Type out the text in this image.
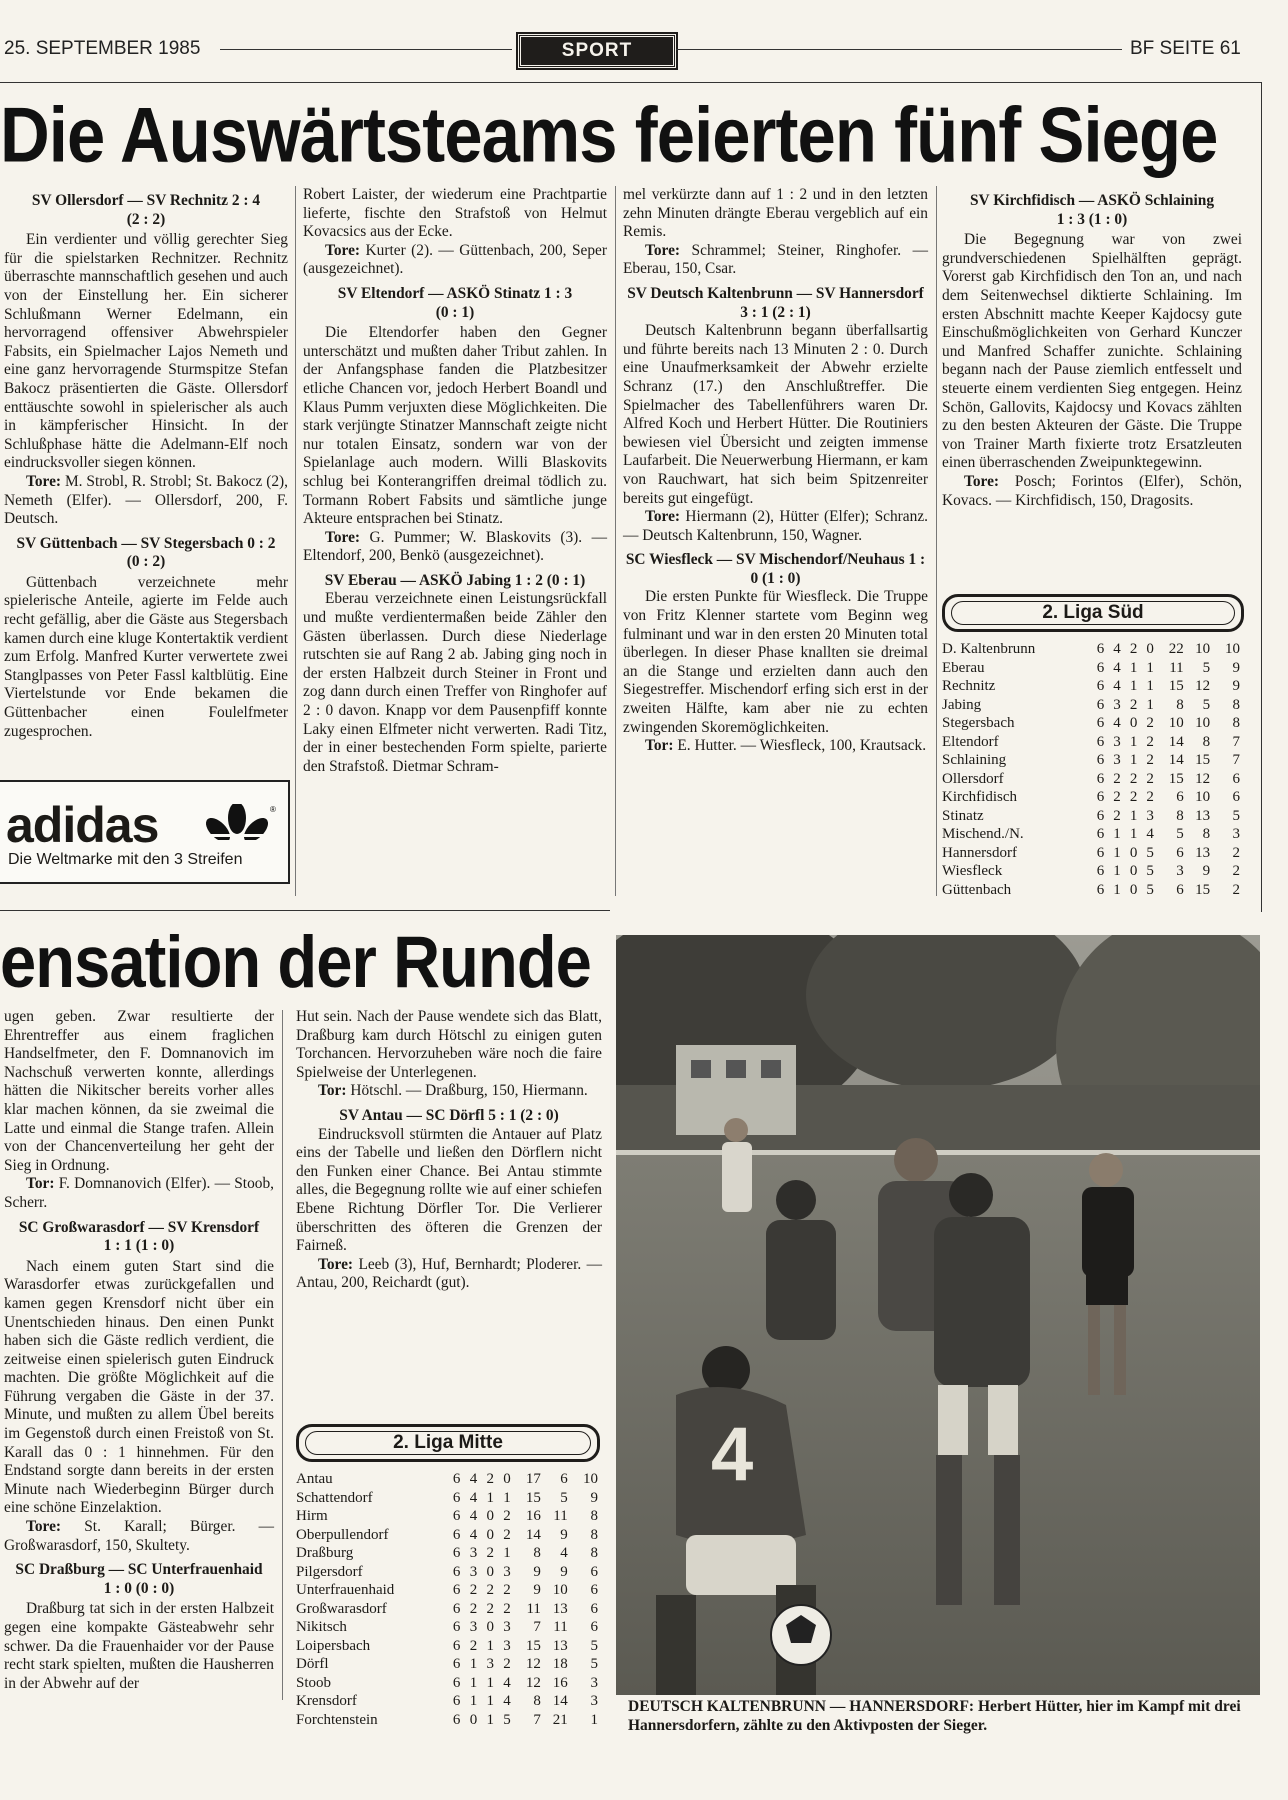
25. SEPTEMBER 1985	SPORT	BF SEITE 61
Die Auswärtsteams feierten fünf Siege

SV Ollersdorf — SV Rechnitz 2 : 4

(2 : 2)

Ein verdienter und völlig gerechter Sieg für die spielstarken Rechnitzer. Rechnitz überraschte mannschaftlich gesehen und auch von der Einstellung her. Ein sicherer Schlußmann Werner Edelmann, ein hervorragend offensiver Abwehrspieler Fabsits, ein Spielmacher Lajos Nemeth und eine ganz hervorragende Sturmspitze Stefan Bakocz präsentierten die Gäste. Ollersdorf enttäuschte sowohl in spielerischer als auch in kämpferischer Hinsicht. In der Schlußphase hätte die Adelmann-Elf noch eindrucksvoller siegen können.

Tore: M. Strobl, R. Strobl; St. Bakocz (2), Nemeth (Elfer). — Ollersdorf, 200, F. Deutsch.

SV Güttenbach — SV Stegersbach 0 : 2

(0 : 2)

Güttenbach verzeichnete mehr spielerische Anteile, agierte im Felde auch recht gefällig, aber die Gäste aus Stegersbach kamen durch eine kluge Kontertaktik verdient zum Erfolg. Manfred Kurter verwertete zwei Stanglpasses von Peter Fassl kaltblütig. Eine Viertelstunde vor Ende bekamen die Güttenbacher einen Foulelfmeter zugesprochen.

Robert Laister, der wiederum eine Prachtpartie lieferte, fischte den Strafstoß von Helmut Kovacsics aus der Ecke.

Tore: Kurter (2). — Güttenbach, 200, Seper (ausgezeichnet).

SV Eltendorf — ASKÖ Stinatz 1 : 3

(0 : 1)

Die Eltendorfer haben den Gegner unterschätzt und mußten daher Tribut zahlen. In der Anfangsphase fanden die Platzbesitzer etliche Chancen vor, jedoch Herbert Boandl und Klaus Pumm verjuxten diese Möglichkeiten. Die stark verjüngte Stinatzer Mannschaft zeigte nicht nur totalen Einsatz, sondern war von der Spielanlage auch modern. Willi Blaskovits schlug bei Konterangriffen dreimal tödlich zu. Tormann Robert Fabsits und sämtliche junge Akteure entsprachen bei Stinatz.

Tore: G. Pummer; W. Blaskovits (3). — Eltendorf, 200, Benkö (ausgezeichnet).

SV Eberau — ASKÖ Jabing 1 : 2 (0 : 1)

Eberau verzeichnete einen Leistungsrückfall und mußte verdientermaßen beide Zähler den Gästen überlassen. Durch diese Niederlage rutschten sie auf Rang 2 ab. Jabing ging noch in der ersten Halbzeit durch Steiner in Front und zog dann durch einen Treffer von Ringhofer auf 2 : 0 davon. Knapp vor dem Pausenpfiff konnte Laky einen Elfmeter nicht verwerten. Radi Titz, der in einer bestechenden Form spielte, parierte den Strafstoß. Dietmar Schram-

mel verkürzte dann auf 1 : 2 und in den letzten zehn Minuten drängte Eberau vergeblich auf ein Remis.

Tore: Schrammel; Steiner, Ringhofer. — Eberau, 150, Csar.

SV Deutsch Kaltenbrunn — SV Hannersdorf 3 : 1 (2 : 1)

Deutsch Kaltenbrunn begann überfallsartig und führte bereits nach 13 Minuten 2 : 0. Durch eine Unaufmerksamkeit der Abwehr erzielte Schranz (17.) den Anschlußtreffer. Die Spielmacher des Tabellenführers waren Dr. Alfred Koch und Herbert Hütter. Die Routiniers bewiesen viel Übersicht und zeigten immense Laufarbeit. Die Neuerwerbung Hiermann, er kam von Rauchwart, hat sich beim Spitzenreiter bereits gut eingefügt.

Tore: Hiermann (2), Hütter (Elfer); Schranz. — Deutsch Kaltenbrunn, 150, Wagner.

SC Wiesfleck — SV Mischendorf/Neuhaus 1 : 0 (1 : 0)

Die ersten Punkte für Wiesfleck. Die Truppe von Fritz Klenner startete vom Beginn weg fulminant und war in den ersten 20 Minuten total überlegen. In dieser Phase knallten sie dreimal an die Stange und erzielten dann auch den Siegestreffer. Mischendorf erfing sich erst in der zweiten Hälfte, kam aber nie zu echten zwingenden Skoremöglichkeiten.

Tor: E. Hutter. — Wiesfleck, 100, Krautsack.

SV Kirchfidisch — ASKÖ Schlaining

1 : 3 (1 : 0)

Die Begegnung war von zwei grundverschiedenen Spielhälften geprägt. Vorerst gab Kirchfidisch den Ton an, und nach dem Seitenwechsel diktierte Schlaining. Im ersten Abschnitt machte Keeper Kajdocsy gute Einschußmöglichkeiten von Gerhard Kunczer und Manfred Schaffer zunichte. Schlaining begann nach der Pause ziemlich entfesselt und steuerte einem verdienten Sieg entgegen. Heinz Schön, Gallovits, Kajdocsy und Kovacs zählten zu den besten Akteuren der Gäste. Die Truppe von Trainer Marth fixierte trotz Ersatzleuten einen überraschenden Zweipunktegewinn.

Tore: Posch; Forintos (Elfer), Schön, Kovacs. — Kirchfidisch, 150, Dragosits.

2. Liga Süd
D. Kaltenbrunn	6	4	2	0	22	10	10
Eberau	6	4	1	1	11	5	9
Rechnitz	6	4	1	1	15	12	9
Jabing	6	3	2	1	8	5	8
Stegersbach	6	4	0	2	10	10	8
Eltendorf	6	3	1	2	14	8	7
Schlaining	6	3	1	2	14	15	7
Ollersdorf	6	2	2	2	15	12	6
Kirchfidisch	6	2	2	2	6	10	6
Stinatz	6	2	1	3	8	13	5
Mischend./N.	6	1	1	4	5	8	3
Hannersdorf	6	1	0	5	6	13	2
Wiesfleck	6	1	0	5	3	9	2
Güttenbach	6	1	0	5	6	15	2
adidas	®
Die Weltmarke mit den 3 Streifen
ensation der Runde

ugen geben. Zwar resultierte der Ehrentreffer aus einem fraglichen Handselfmeter, den F. Domnanovich im Nachschuß verwerten konnte, allerdings hätten die Nikitscher bereits vorher alles klar machen können, da sie zweimal die Latte und einmal die Stange trafen. Allein von der Chancenverteilung her geht der Sieg in Ordnung.

Tor: F. Domnanovich (Elfer). — Stoob, Scherr.

SC Großwarasdorf — SV Krensdorf

1 : 1 (1 : 0)

Nach einem guten Start sind die Warasdorfer etwas zurückgefallen und kamen gegen Krensdorf nicht über ein Unentschieden hinaus. Den einen Punkt haben sich die Gäste redlich verdient, die zeitweise einen spielerisch guten Eindruck machten. Die größte Möglichkeit auf die Führung vergaben die Gäste in der 37. Minute, und mußten zu allem Übel bereits im Gegenstoß durch einen Freistoß von St. Karall das 0 : 1 hinnehmen. Für den Endstand sorgte dann bereits in der ersten Minute nach Wiederbeginn Bürger durch eine schöne Einzelaktion.

Tore: St. Karall; Bürger. — Großwarasdorf, 150, Skultety.

SC Draßburg — SC Unterfrauenhaid

1 : 0 (0 : 0)

Draßburg tat sich in der ersten Halbzeit gegen eine kompakte Gästeabwehr sehr schwer. Da die Frauenhaider vor der Pause recht stark spielten, mußten die Hausherren in der Abwehr auf der

Hut sein. Nach der Pause wendete sich das Blatt, Draßburg kam durch Hötschl zu einigen guten Torchancen. Hervorzuheben wäre noch die faire Spielweise der Unterlegenen.

Tor: Hötschl. — Draßburg, 150, Hiermann.

SV Antau — SC Dörfl 5 : 1 (2 : 0)

Eindrucksvoll stürmten die Antauer auf Platz eins der Tabelle und ließen den Dörflern nicht den Funken einer Chance. Bei Antau stimmte alles, die Begegnung rollte wie auf einer schiefen Ebene Richtung Dörfler Tor. Die Verlierer überschritten des öfteren die Grenzen der Fairneß.

Tore: Leeb (3), Huf, Bernhardt; Ploderer. — Antau, 200, Reichardt (gut).

2. Liga Mitte
Antau	6	4	2	0	17	6	10
Schattendorf	6	4	1	1	15	5	9
Hirm	6	4	0	2	16	11	8
Oberpullendorf	6	4	0	2	14	9	8
Draßburg	6	3	2	1	8	4	8
Pilgersdorf	6	3	0	3	9	9	6
Unterfrauenhaid	6	2	2	2	9	10	6
Großwarasdorf	6	2	2	2	11	13	6
Nikitsch	6	3	0	3	7	11	6
Loipersbach	6	2	1	3	15	13	5
Dörfl	6	1	3	2	12	18	5
Stoob	6	1	1	4	12	16	3
Krensdorf	6	1	1	4	8	14	3
Forchtenstein	6	0	1	5	7	21	1
4
DEUTSCH KALTENBRUNN — HANNERSDORF: Herbert Hütter, hier im Kampf mit drei Hannersdorfern, zählte zu den Aktivposten der Sieger.
